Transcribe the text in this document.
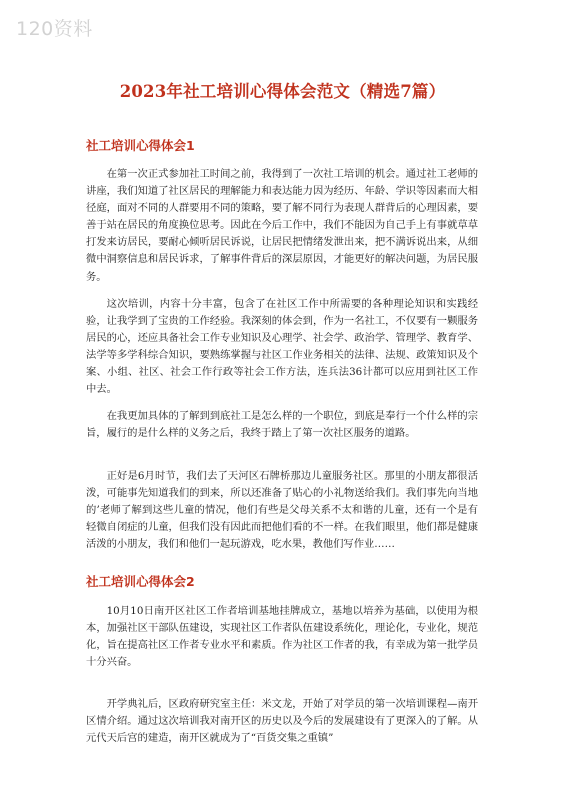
120资料
2023年社工培训心得体会范文（精选7篇）
社工培训心得体会1

在第一次正式参加社工时间之前，我得到了一次社工培训的机会。通过社工老师的讲座，我们知道了社区居民的理解能力和表达能力因为经历、年龄、学识等因素而大相径庭，面对不同的人群要用不同的策略，要了解不同行为表现人群背后的心理因素，要善于站在居民的角度换位思考。因此在今后工作中，我们不能因为自己手上有事就草草打发来访居民，要耐心倾听居民诉说，让居民把情绪发泄出来，把不满诉说出来，从细微中洞察信息和居民诉求，了解事件背后的深层原因，才能更好的解决问题，为居民服务。

这次培训，内容十分丰富，包含了在社区工作中所需要的各种理论知识和实践经验，让我学到了宝贵的工作经验。我深刻的体会到，作为一名社工，不仅要有一颗服务居民的心，还应具备社会工作专业知识及心理学、社会学、政治学、管理学、教育学、法学等多学科综合知识，要熟练掌握与社区工作业务相关的法律、法规、政策知识及个案、小组、社区、社会工作行政等社会工作方法，连兵法36计都可以应用到社区工作中去。

在我更加具体的了解到到底社工是怎么样的一个职位，到底是奉行一个什么样的宗旨，履行的是什么样的义务之后，我终于踏上了第一次社区服务的道路。

正好是6月时节，我们去了天河区石牌桥那边儿童服务社区。那里的小朋友都很活泼，可能事先知道我们的到来，所以还准备了贴心的小礼物送给我们。我们事先向当地的’老师了解到这些儿童的情况，他们有些是父母关系不太和谐的儿童，还有一个是有轻微自闭症的儿童，但我们没有因此而把他们看的不一样。在我们眼里，他们都是健康活泼的小朋友，我们和他们一起玩游戏，吃水果，教他们写作业……

社工培训心得体会2

10月10日南开区社区工作者培训基地挂牌成立，基地以培养为基础，以使用为根本，加强社区干部队伍建设，实现社区工作者队伍建设系统化，理论化，专业化，规范化，旨在提高社区工作者专业水平和素质。作为社区工作者的我，有幸成为第一批学员十分兴奋。

开学典礼后，区政府研究室主任：米文龙，开始了对学员的第一次培训课程—南开区情介绍。通过这次培训我对南开区的历史以及今后的发展建设有了更深入的了解。从元代天后宫的建造，南开区就成为了“百货交集之重镇”
